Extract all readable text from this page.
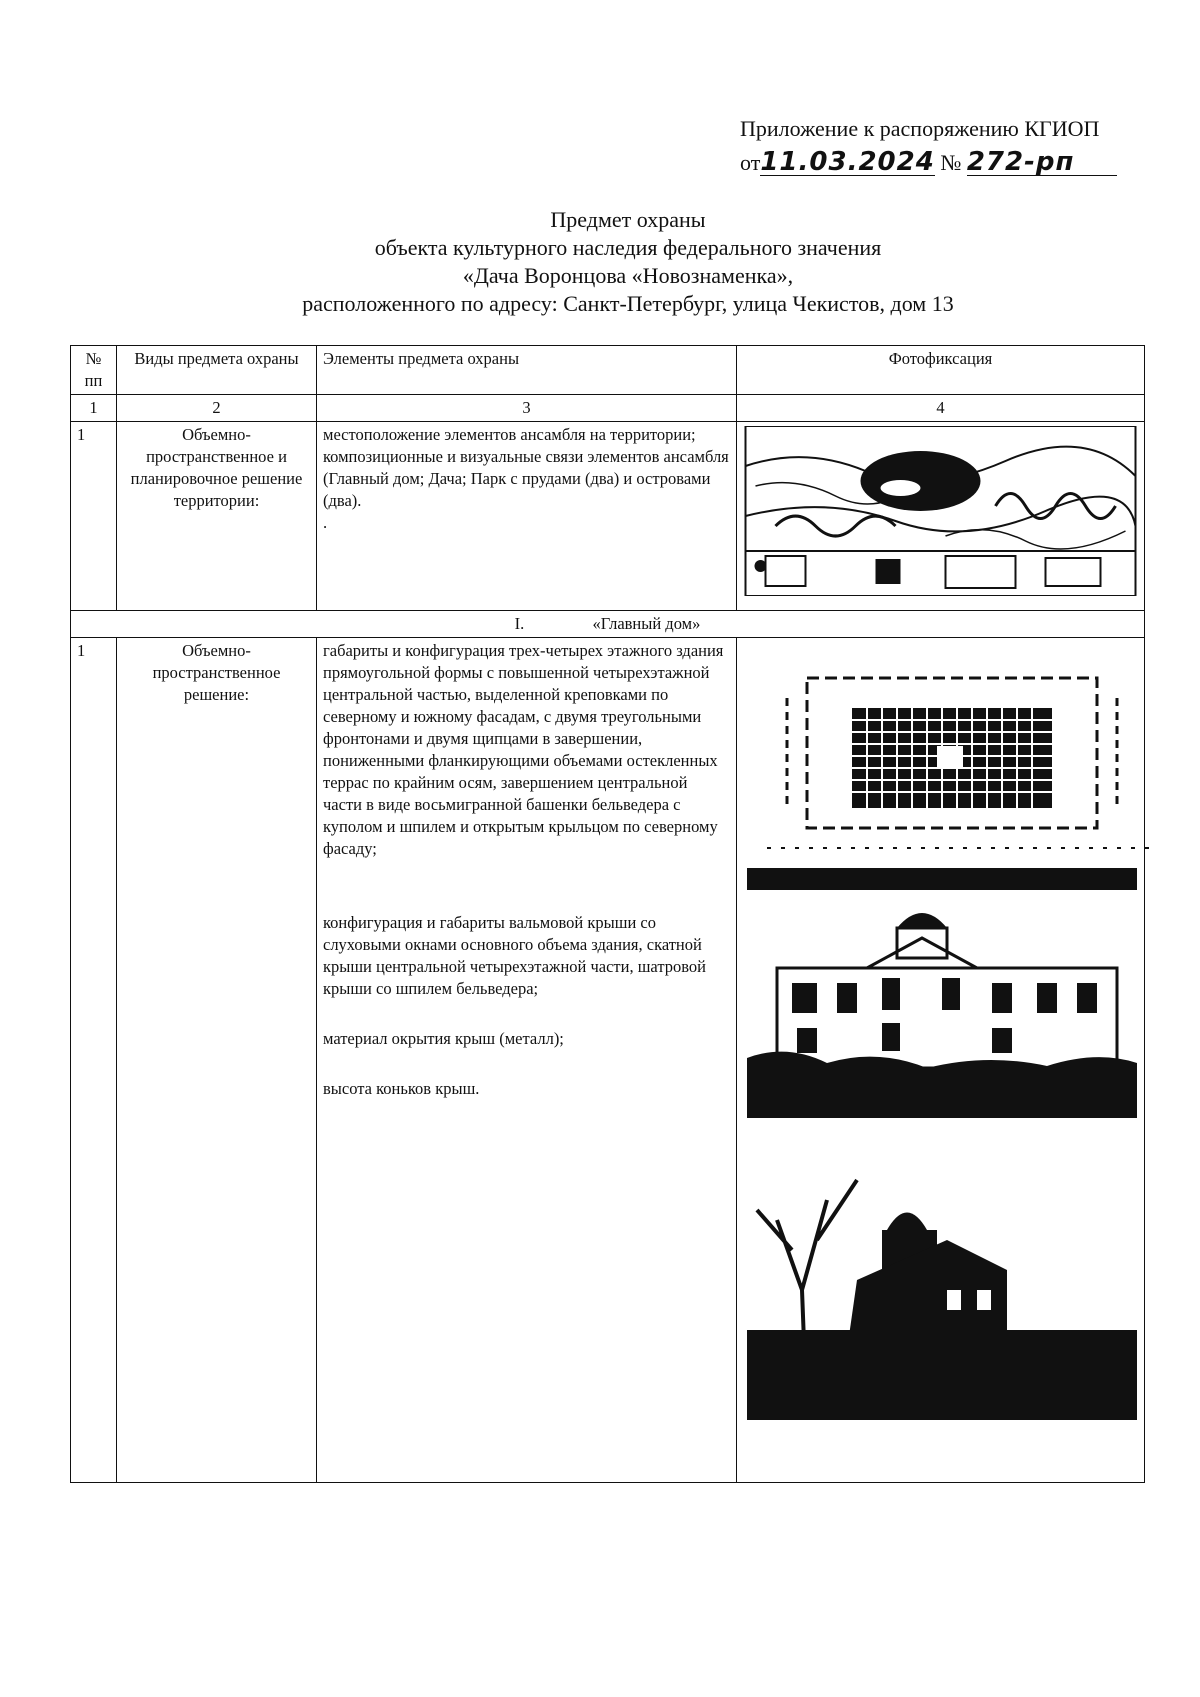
Приложение к распоряжению КГИОП
от11.03.2024 № 272-рп
Предмет охраны
объекта культурного наследия федерального значения
«Дача Воронцова «Новознаменка»,
расположенного по адресу: Санкт-Петербург, улица Чекистов, дом 13
№ пп	Виды предмета охраны	Элементы предмета охраны	Фотофиксация
1	2	3	4
1	Объемно-пространственное и планировочное решение территории:	местоположение элементов ансамбля на территории; композиционные и визуальные связи элементов ансамбля (Главный дом; Дача; Парк с прудами (два) и островами (два).
.

I. «Главный дом»			
1	Объемно-пространственное решение:	габариты и конфигурация трех-четырех этажного здания прямоугольной формы с повышенной четырехэтажной центральной частью, выделенной креповками по северному и южному фасадам, с двумя треугольными фронтонами и двумя щипцами в завершении, пониженными фланкирующими объемами остекленных террас по крайним осям, завершением центральной части в виде восьмигранной башенки бельведера с куполом и шпилем и открытым крыльцом по северному фасаду;

конфигурация и габариты вальмовой крыши со слуховыми окнами основного объема здания, скатной крыши центральной четырехэтажной части, шатровой крыши со шпилем бельведера;

материал окрытия крыш (металл);

высота коньков крыш.
